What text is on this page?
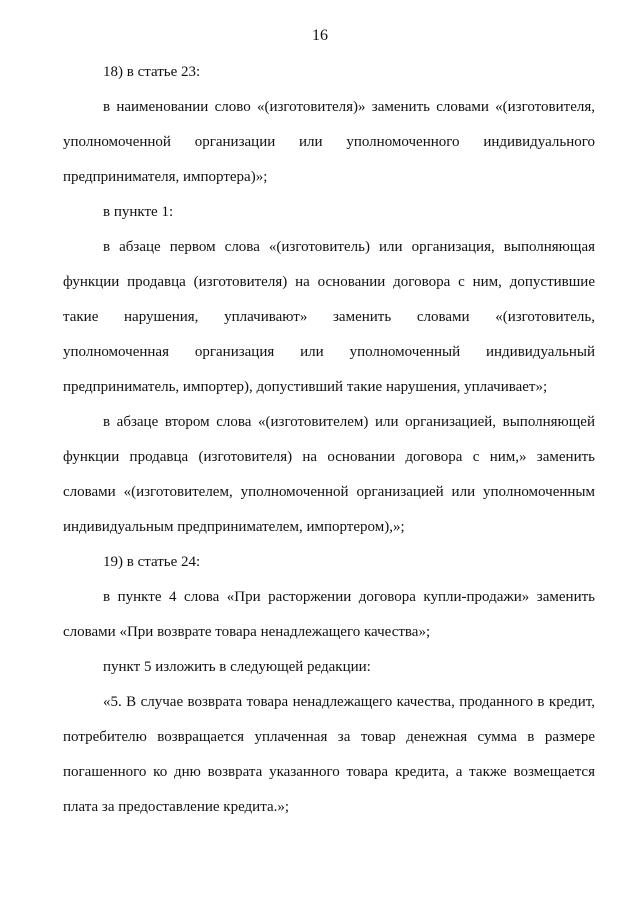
16

18) в статье 23:

в наименовании слово «(изготовителя)» заменить словами «(изготовителя, уполномоченной организации или уполномоченного индивидуального предпринимателя, импортера)»;

в пункте 1:

в абзаце первом слова «(изготовитель) или организация, выполняющая функции продавца (изготовителя) на основании договора с ним, допустившие такие нарушения, уплачивают» заменить словами «(изготовитель, уполномоченная организация или уполномоченный индивидуальный предприниматель, импортер), допустивший такие нарушения, уплачивает»;

в абзаце втором слова «(изготовителем) или организацией, выполняющей функции продавца (изготовителя) на основании договора с ним,» заменить словами «(изготовителем, уполномоченной организацией или уполномоченным индивидуальным предпринимателем, импортером),»;

19) в статье 24:

в пункте 4 слова «При расторжении договора купли-продажи» заменить словами «При возврате товара ненадлежащего качества»;

пункт 5 изложить в следующей редакции:

«5. В случае возврата товара ненадлежащего качества, проданного в кредит, потребителю возвращается уплаченная за товар денежная сумма в размере погашенного ко дню возврата указанного товара кредита, а также возмещается плата за предоставление кредита.»;
